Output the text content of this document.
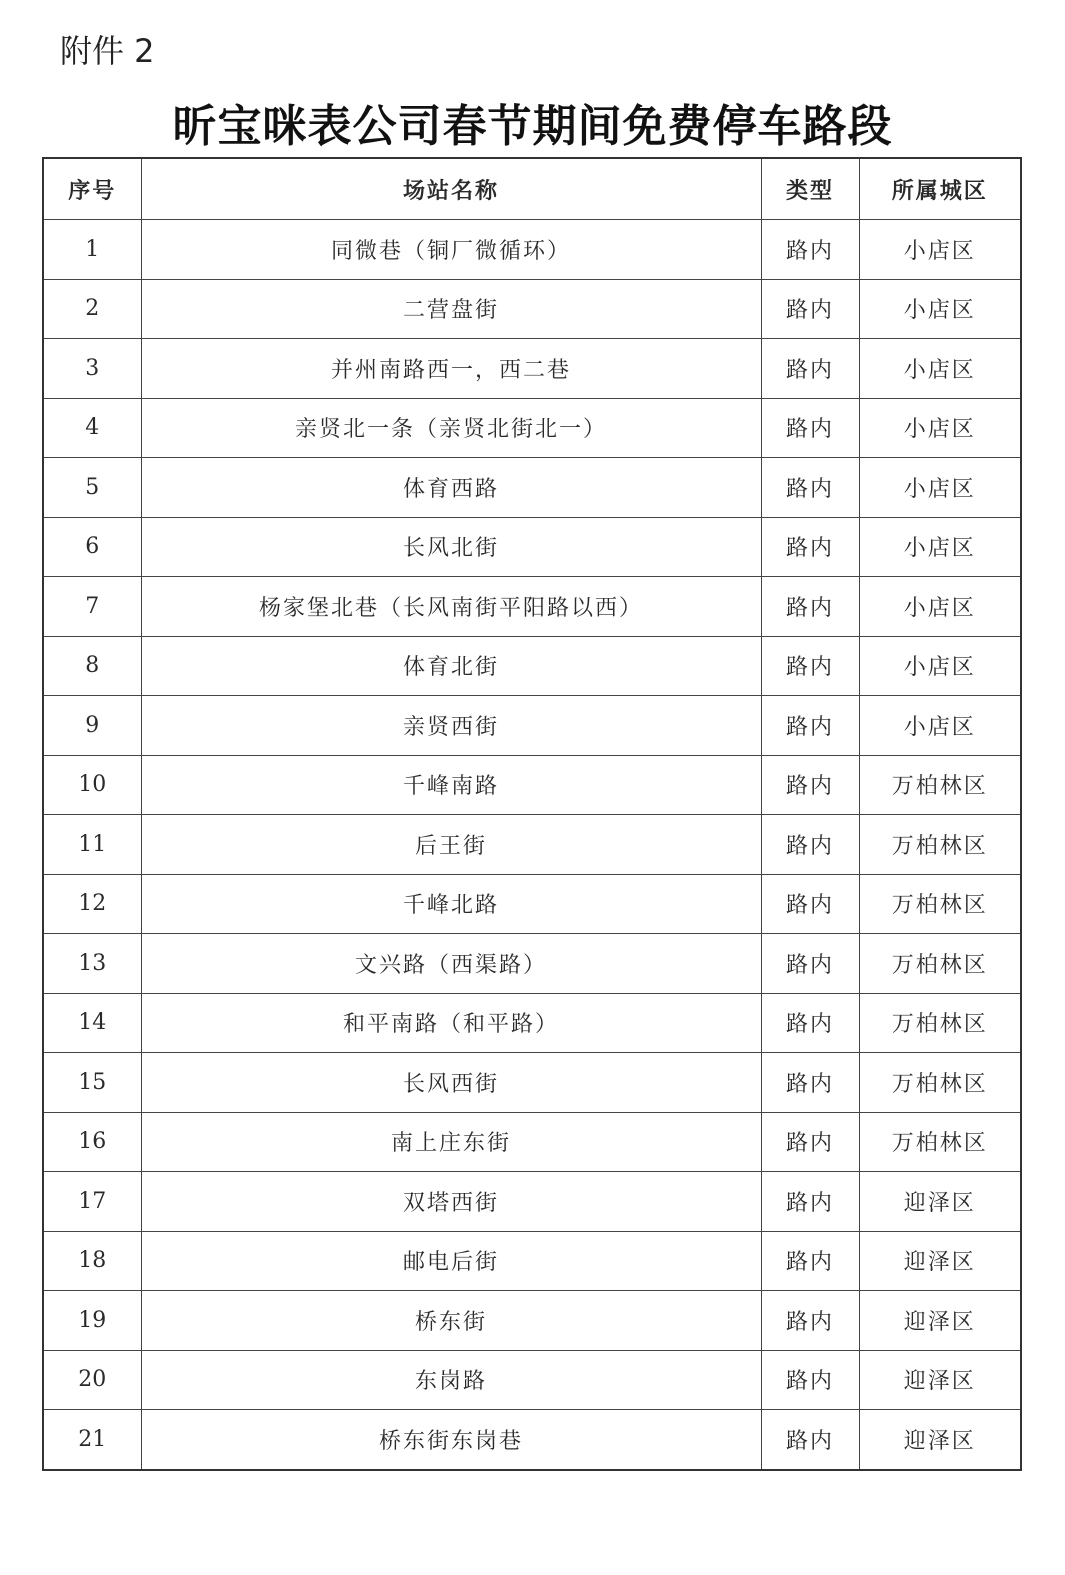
附件 2
昕宝咪表公司春节期间免费停车路段
序号	场站名称	类型	所属城区
1	同微巷（铜厂微循环）	路内	小店区
2	二营盘街	路内	小店区
3	并州南路西一，西二巷	路内	小店区
4	亲贤北一条（亲贤北街北一）	路内	小店区
5	体育西路	路内	小店区
6	长风北街	路内	小店区
7	杨家堡北巷（长风南街平阳路以西）	路内	小店区
8	体育北街	路内	小店区
9	亲贤西街	路内	小店区
10	千峰南路	路内	万柏林区
11	后王街	路内	万柏林区
12	千峰北路	路内	万柏林区
13	文兴路（西渠路）	路内	万柏林区
14	和平南路（和平路）	路内	万柏林区
15	长风西街	路内	万柏林区
16	南上庄东街	路内	万柏林区
17	双塔西街	路内	迎泽区
18	邮电后街	路内	迎泽区
19	桥东街	路内	迎泽区
20	东岗路	路内	迎泽区
21	桥东街东岗巷	路内	迎泽区
